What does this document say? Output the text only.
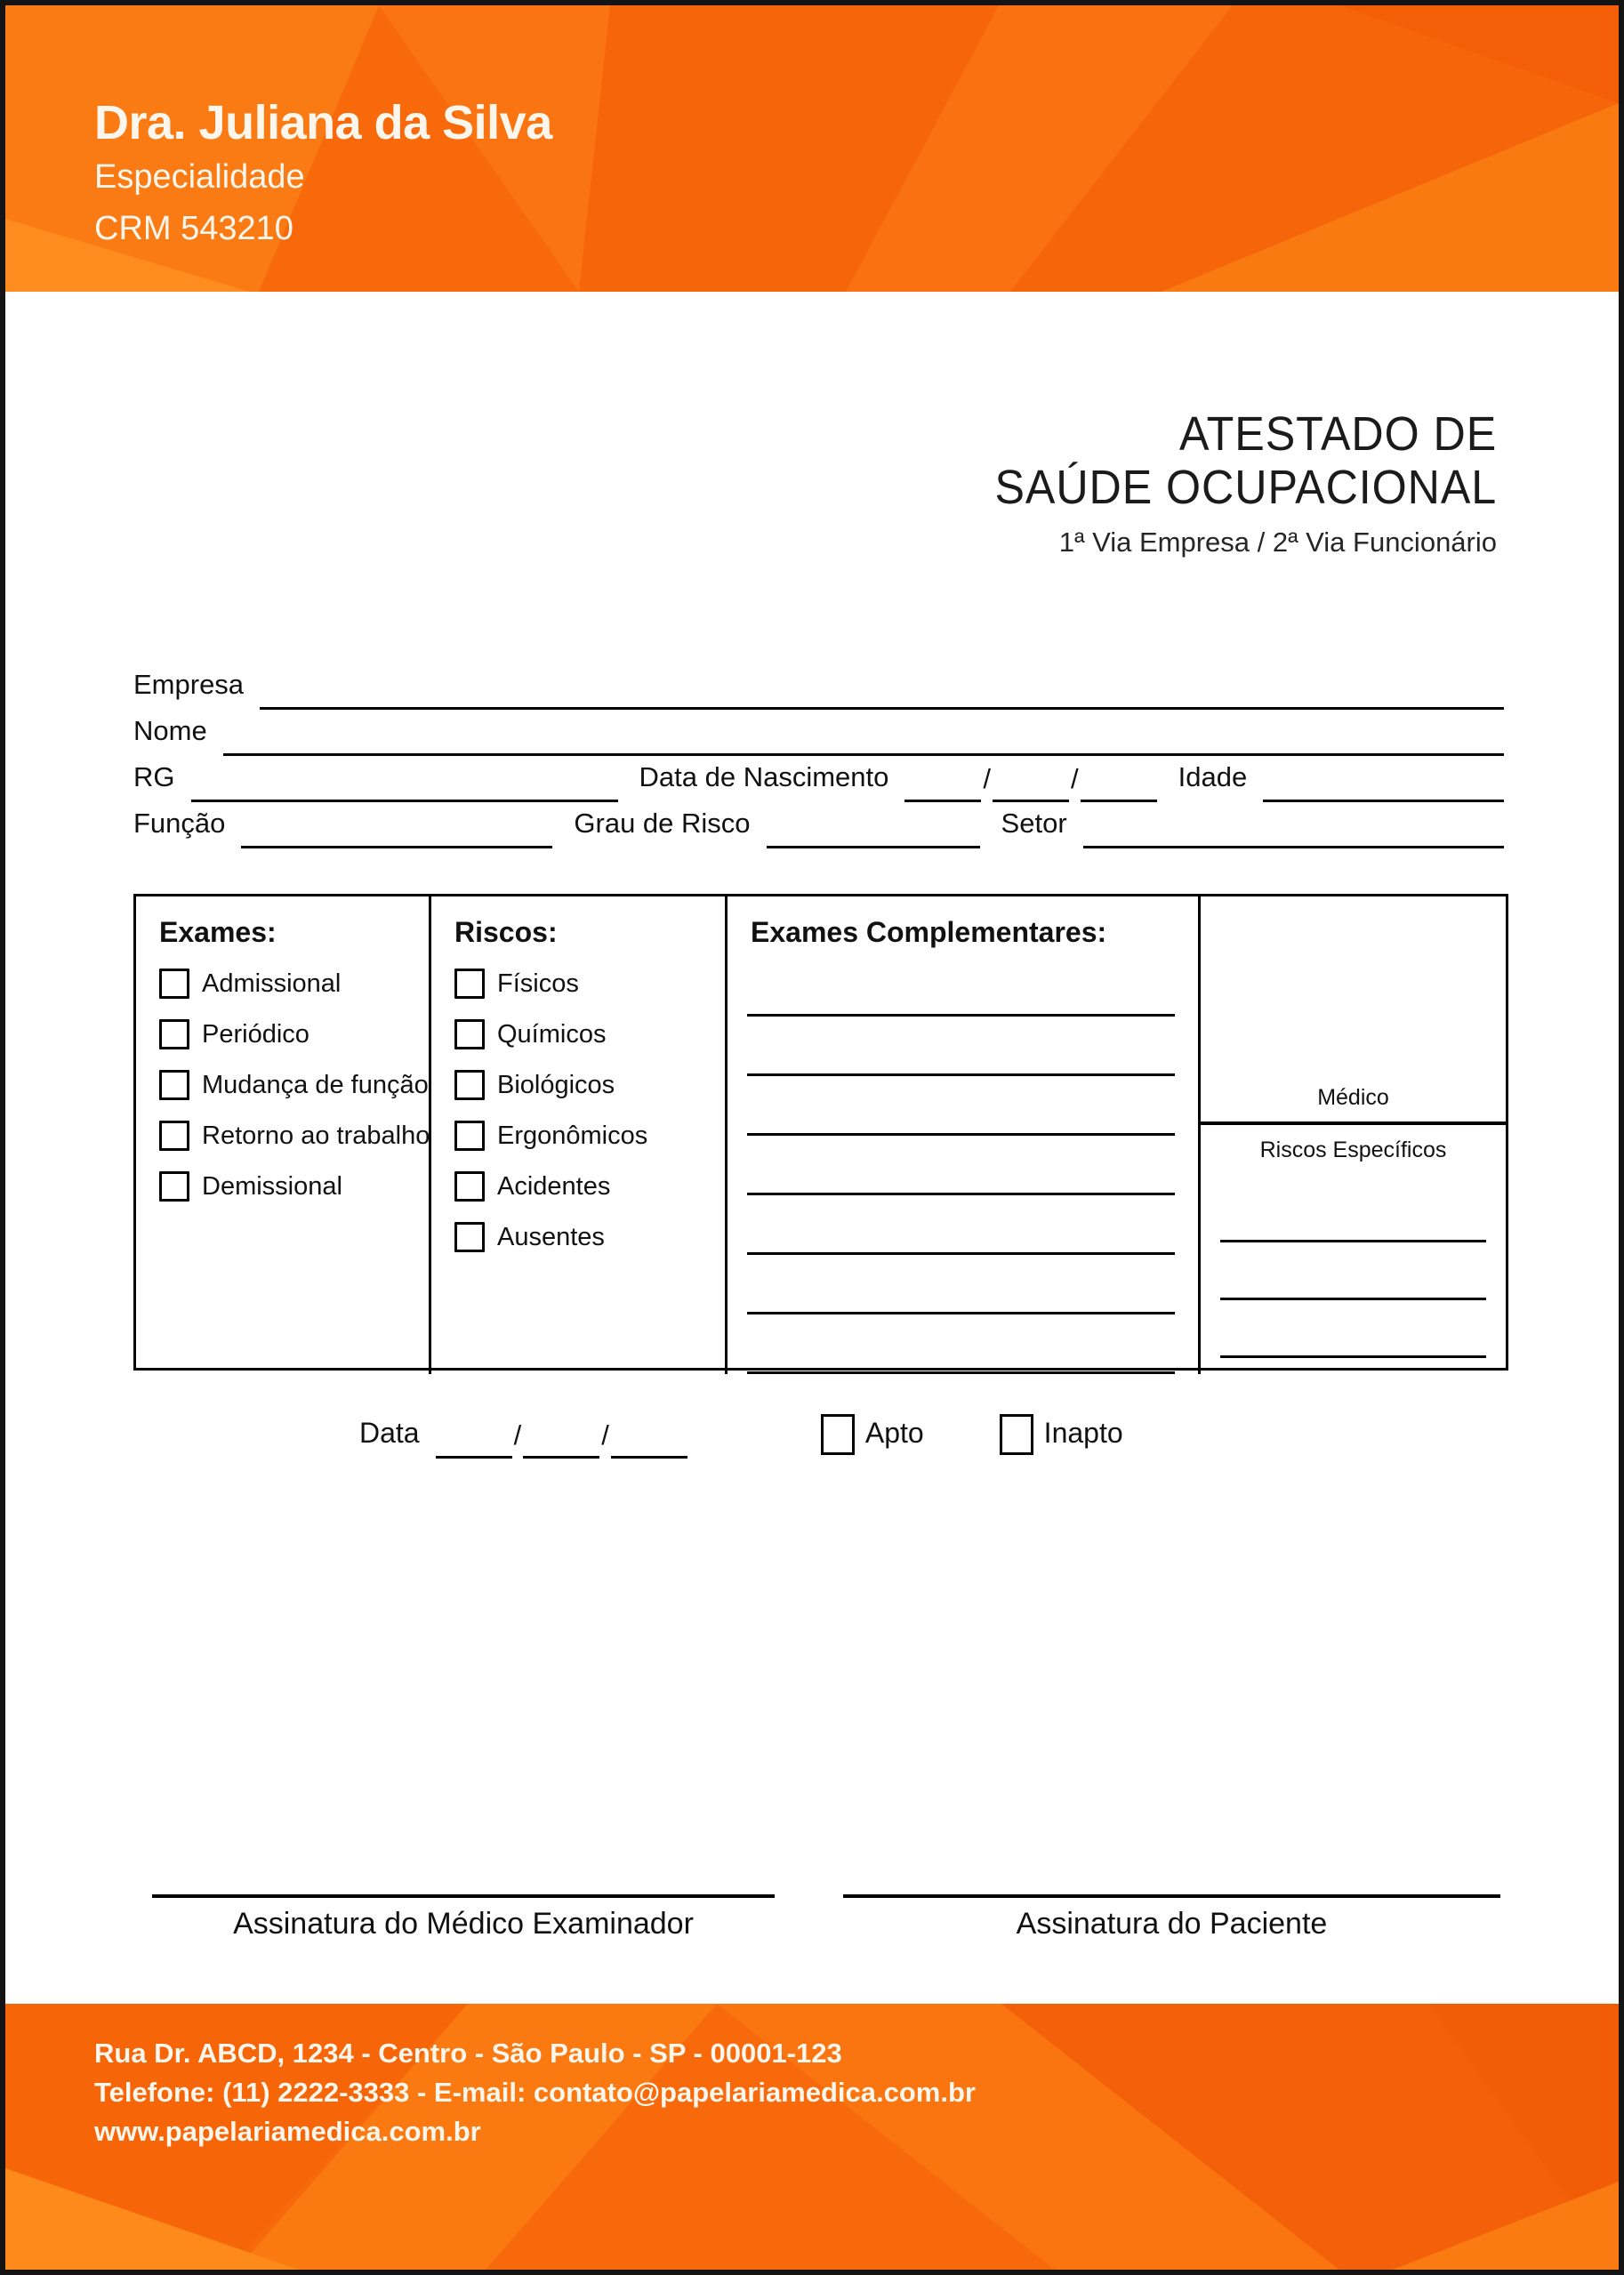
Dra. Juliana da Silva
Especialidade
CRM 543210
ATESTADO DE
SAÚDE OCUPACIONAL
1ª Via Empresa / 2ª Via Funcionário
Empresa
Nome
RG	Data de Nascimento	/	/	Idade
Função	Grau de Risco	Setor
Exames:
Admissional
Periódico
Mudança de função
Retorno ao trabalho
Demissional
Riscos:
Físicos
Químicos
Biológicos
Ergonômicos
Acidentes
Ausentes
Exames Complementares:
Médico
Riscos Específicos
Data	/	/	Apto	Inapto
Assinatura do Médico Examinador	Assinatura do Paciente
Rua Dr. ABCD, 1234 - Centro - São Paulo - SP - 00001-123
Telefone: (11) 2222-3333 - E-mail: contato@papelariamedica.com.br
www.papelariamedica.com.br
